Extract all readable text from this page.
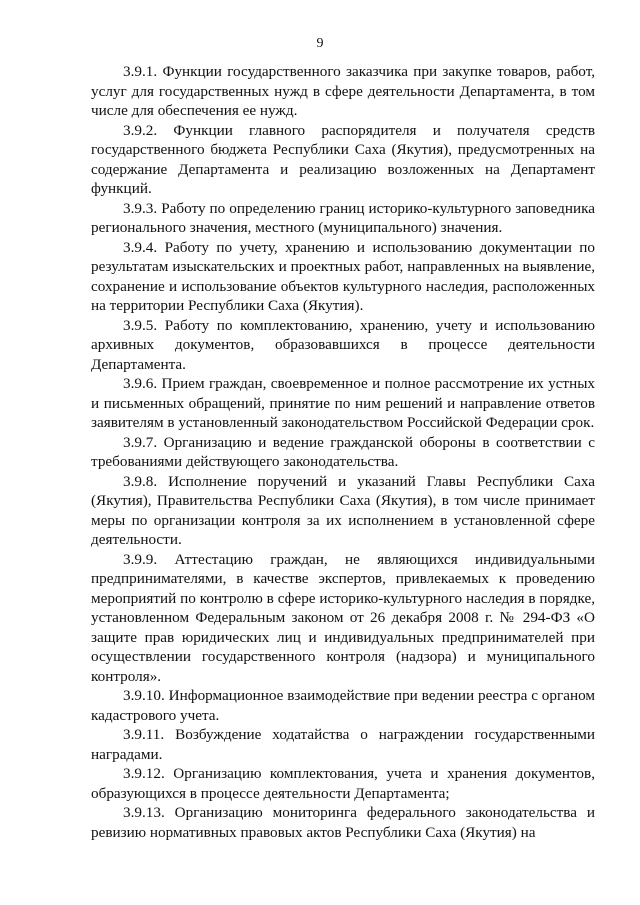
9

3.9.1. Функции государственного заказчика при закупке товаров, работ, услуг для государственных нужд в сфере деятельности Департамента, в том числе для обеспечения ее нужд.

3.9.2. Функции главного распорядителя и получателя средств государственного бюджета Республики Саха (Якутия), предусмотренных на содержание Департамента и реализацию возложенных на Департамент функций.

3.9.3. Работу по определению границ историко-культурного заповедника регионального значения, местного (муниципального) значения.

3.9.4. Работу по учету, хранению и использованию документации по результатам изыскательских и проектных работ, направленных на выявление, сохранение и использование объектов культурного наследия, расположенных на территории Республики Саха (Якутия).

3.9.5. Работу по комплектованию, хранению, учету и использованию архивных документов, образовавшихся в процессе деятельности Департамента.

3.9.6. Прием граждан, своевременное и полное рассмотрение их устных и письменных обращений, принятие по ним решений и направление ответов заявителям в установленный законодательством Российской Федерации срок.

3.9.7. Организацию и ведение гражданской обороны в соответствии с требованиями действующего законодательства.

3.9.8. Исполнение поручений и указаний Главы Республики Саха (Якутия), Правительства Республики Саха (Якутия), в том числе принимает меры по организации контроля за их исполнением в установленной сфере деятельности.

3.9.9. Аттестацию граждан, не являющихся индивидуальными предпринимателями, в качестве экспертов, привлекаемых к проведению мероприятий по контролю в сфере историко-культурного наследия в порядке, установленном Федеральным законом от 26 декабря 2008 г. № 294-ФЗ «О защите прав юридических лиц и индивидуальных предпринимателей при осуществлении государственного контроля (надзора) и муниципального контроля».

3.9.10. Информационное взаимодействие при ведении реестра с органом кадастрового учета.

3.9.11. Возбуждение ходатайства о награждении государственными наградами.

3.9.12. Организацию комплектования, учета и хранения документов, образующихся в процессе деятельности Департамента;

3.9.13. Организацию мониторинга федерального законодательства и ревизию нормативных правовых актов Республики Саха (Якутия) на
